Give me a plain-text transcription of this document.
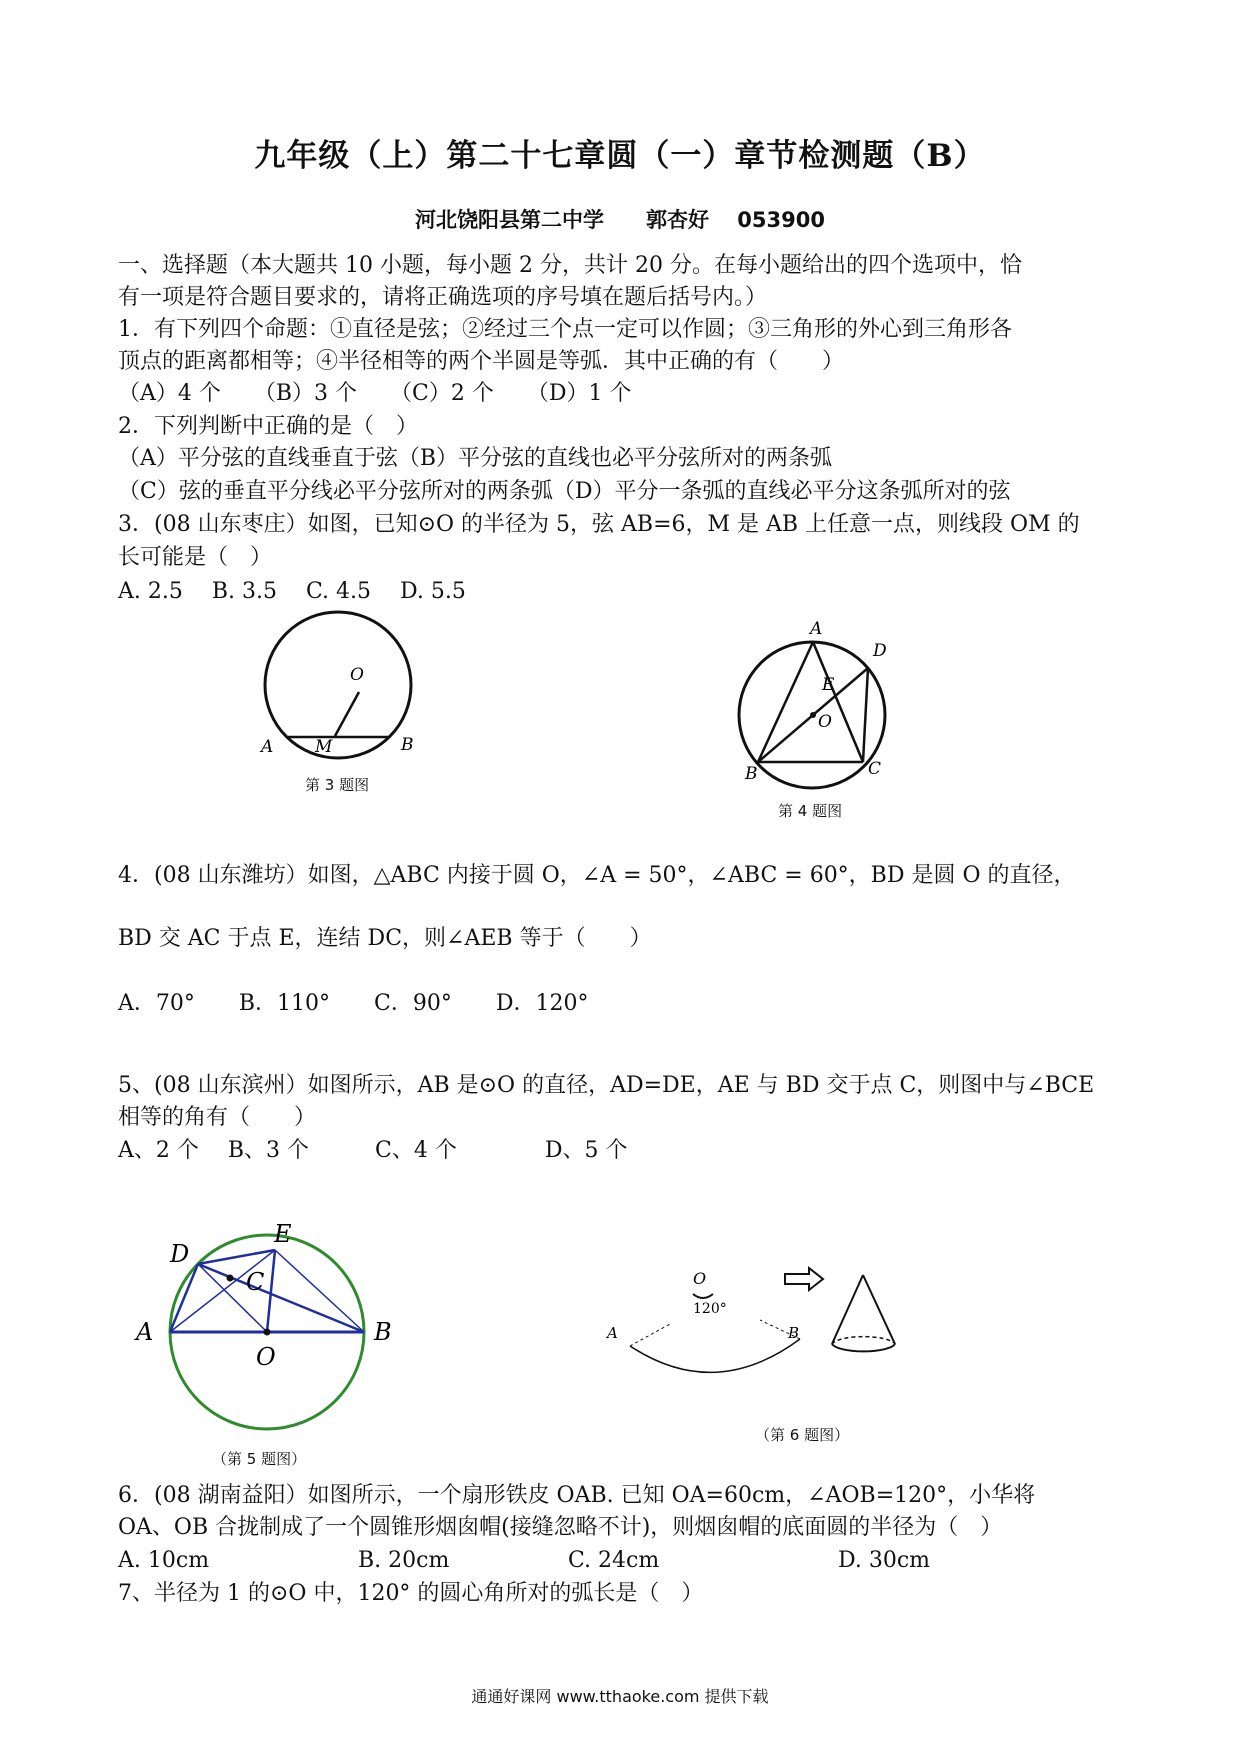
九年级（上）第二十七章圆（一）章节检测题（B）
河北饶阳县第二中学　　郭杏好　 053900
一、选择题（本大题共 10 小题，每小题 2 分，共计 20 分。在每小题给出的四个选项中，恰
有一项是符合题目要求的，请将正确选项的序号填在题后括号内。）
1．有下列四个命题：①直径是弦；②经过三个点一定可以作圆；③三角形的外心到三角形各
顶点的距离都相等；④半径相等的两个半圆是等弧．其中正确的有（　　）
（A）4 个　　（B）3 个　　（C）2 个　　（D）1 个
2．下列判断中正确的是（　）
（A）平分弦的直线垂直于弦（B）平分弦的直线也必平分弦所对的两条弧
（C）弦的垂直平分线必平分弦所对的两条弧（D）平分一条弧的直线必平分这条弧所对的弦
3．(08 山东枣庄）如图，已知⊙O 的半径为 5，弦 AB=6，M 是 AB 上任意一点，则线段 OM 的
长可能是（　）
A. 2.5　 B. 3.5　 C. 4.5　 D. 5.5
O
A M	B
第 3 题图
A
D
E
O
B	C
第 4 题图
4．(08 山东潍坊）如图，△ABC 内接于圆 O，∠A = 50°，∠ABC = 60°，BD 是圆 O 的直径，
BD 交 AC 于点 E，连结 DC，则∠AEB 等于（　　）
A．70°　　B．110°　　C．90°　　D．120°
5、(08 山东滨州）如图所示，AB 是⊙O 的直径，AD=DE，AE 与 BD 交于点 C，则图中与∠BCE
相等的角有（　　）
A、2 个　 B、3 个　　　C、4 个　　　　D、5 个
D
E
C
A
O
B
（第 5 题图）
O
120°
A	B
（第 6 题图）
6．(08 湖南益阳）如图所示，一个扇形铁皮 OAB. 已知 OA=60cm，∠AOB=120°，小华将
OA、OB 合拢制成了一个圆锥形烟囱帽(接缝忽略不计)，则烟囱帽的底面圆的半径为（　）
A. 10cm	B. 20cm	C. 24cm	D. 30cm
7、半径为 1 的⊙O 中，120° 的圆心角所对的弧长是（　）
通通好课网 www.tthaoke.com 提供下载
